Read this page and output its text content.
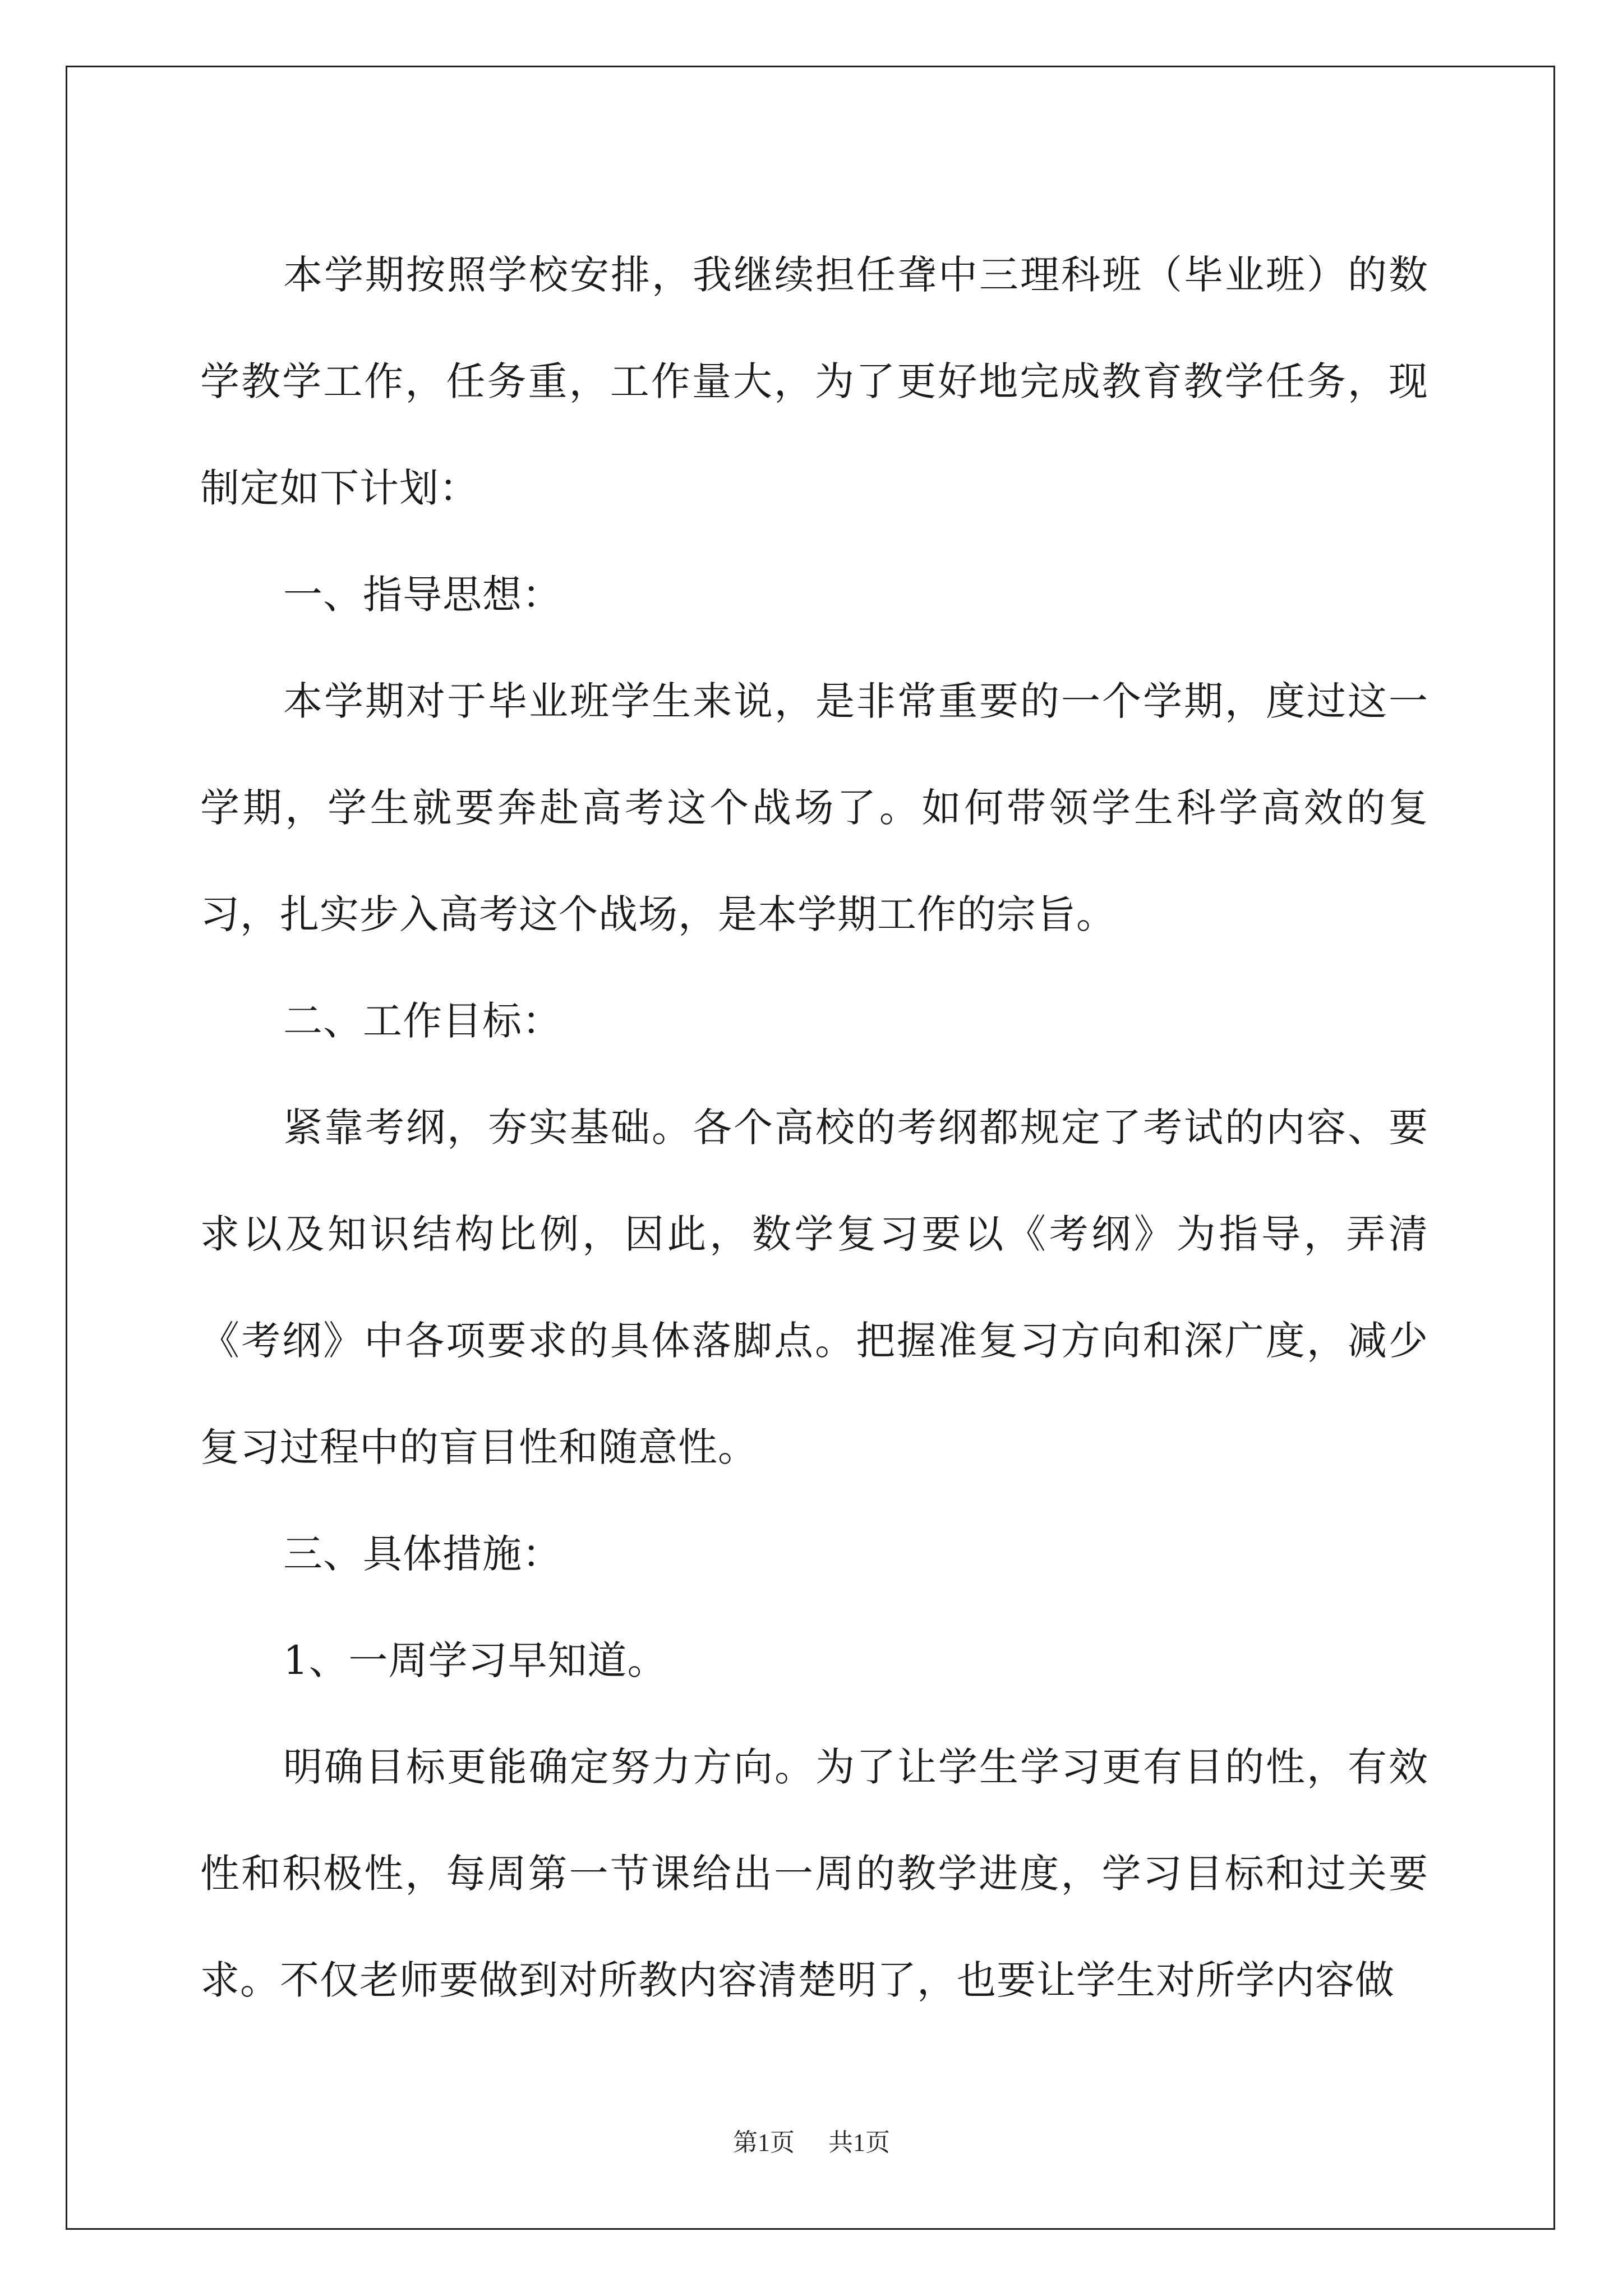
本学期按照学校安排，我继续担任聋中三理科班（毕业班）的数学教学工作，任务重，工作量大，为了更好地完成教育教学任务，现制定如下计划：

一、指导思想：

本学期对于毕业班学生来说，是非常重要的一个学期，度过这一学期，学生就要奔赴高考这个战场了。如何带领学生科学高效的复习，扎实步入高考这个战场，是本学期工作的宗旨。

二、工作目标：

紧靠考纲，夯实基础。各个高校的考纲都规定了考试的内容、要求以及知识结构比例，因此，数学复习要以《考纲》为指导，弄清《考纲》中各项要求的具体落脚点。把握准复习方向和深广度，减少复习过程中的盲目性和随意性。

三、具体措施：

1、一周学习早知道。

明确目标更能确定努力方向。为了让学生学习更有目的性，有效性和积极性，每周第一节课给出一周的教学进度，学习目标和过关要求。不仅老师要做到对所教内容清楚明了，也要让学生对所学内容做

第1页 共1页
